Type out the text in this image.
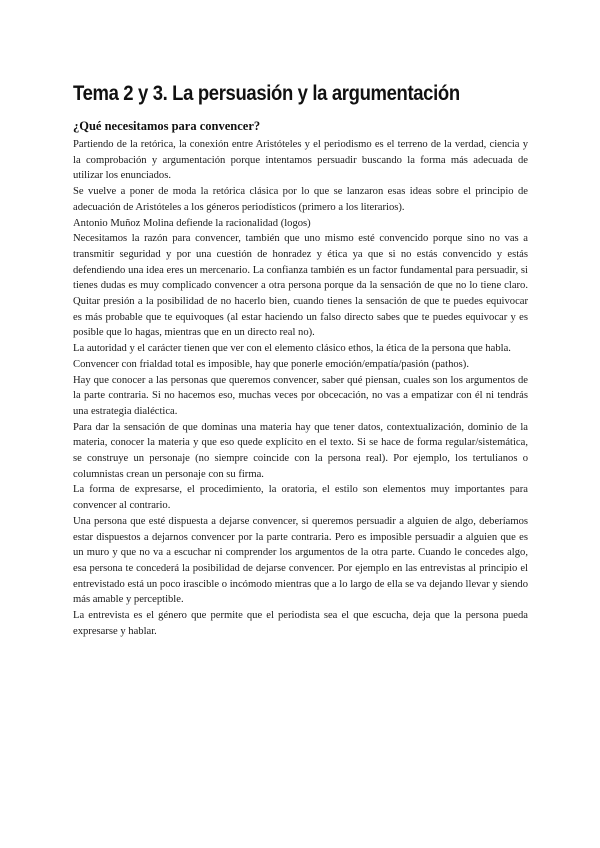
Tema 2 y 3. La persuasión y la argumentación

¿Qué necesitamos para convencer?

Partiendo de la retórica, la conexión entre Aristóteles y el periodismo es el terreno de la verdad, ciencia y la comprobación y argumentación porque intentamos persuadir buscando la forma más adecuada de utilizar los enunciados.

Se vuelve a poner de moda la retórica clásica por lo que se lanzaron esas ideas sobre el principio de adecuación de Aristóteles a los géneros periodísticos (primero a los literarios).

Antonio Muñoz Molina defiende la racionalidad (logos)

Necesitamos la razón para convencer, también que uno mismo esté convencido porque sino no vas a transmitir seguridad y por una cuestión de honradez y ética ya que si no estás convencido y estás defendiendo una idea eres un mercenario. La confianza también es un factor fundamental para persuadir, si tienes dudas es muy complicado convencer a otra persona porque da la sensación de que no lo tiene claro. Quitar presión a la posibilidad de no hacerlo bien, cuando tienes la sensación de que te puedes equivocar es más probable que te equivoques (al estar haciendo un falso directo sabes que te puedes equivocar y es posible que lo hagas, mientras que en un directo real no).

La autoridad y el carácter tienen que ver con el elemento clásico ethos, la ética de la persona que habla.

Convencer con frialdad total es imposible, hay que ponerle emoción/empatía/pasión (pathos).

Hay que conocer a las personas que queremos convencer, saber qué piensan, cuales son los argumentos de la parte contraria. Si no hacemos eso, muchas veces por obcecación, no vas a empatizar con él ni tendrás una estrategia dialéctica.

Para dar la sensación de que dominas una materia hay que tener datos, contextualización, dominio de la materia, conocer la materia y que eso quede explícito en el texto. Si se hace de forma regular/sistemática, se construye un personaje (no siempre coincide con la persona real). Por ejemplo, los tertulianos o columnistas crean un personaje con su firma.

La forma de expresarse, el procedimiento, la oratoria, el estilo son elementos muy importantes para convencer al contrario.

Una persona que esté dispuesta a dejarse convencer, si queremos persuadir a alguien de algo, deberíamos estar dispuestos a dejarnos convencer por la parte contraria. Pero es imposible persuadir a alguien que es un muro y que no va a escuchar ni comprender los argumentos de la otra parte. Cuando le concedes algo, esa persona te concederá la posibilidad de dejarse convencer. Por ejemplo en las entrevistas al principio el entrevistado está un poco irascible o incómodo mientras que a lo largo de ella se va dejando llevar y siendo más amable y perceptible.

La entrevista es el género que permite que el periodista sea el que escucha, deja que la persona pueda expresarse y hablar.
